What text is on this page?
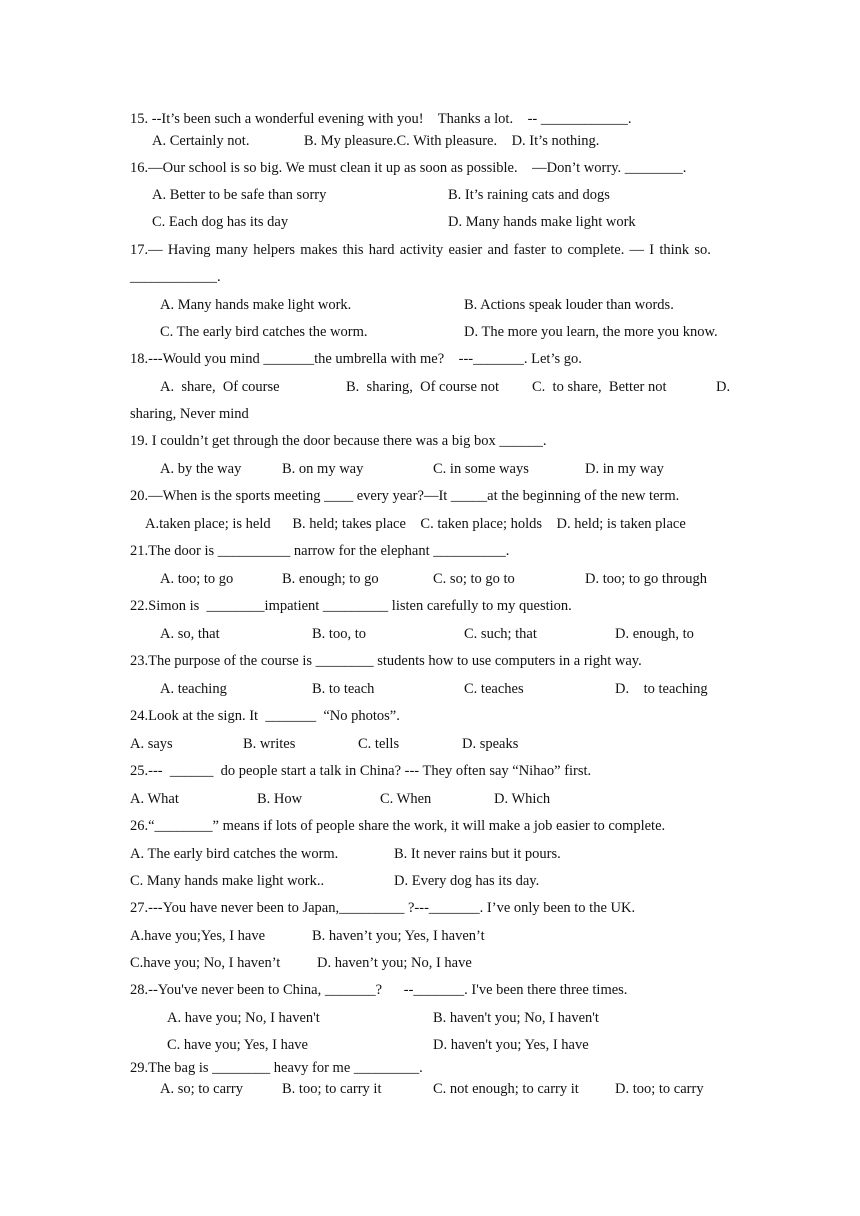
15. --It’s been such a wonderful evening with you!    Thanks a lot.    -- ____________.
A. Certainly not.               B. My pleasure.C. With pleasure.    D. It’s nothing.
16.—Our school is so big. We must clean it up as soon as possible.    —Don’t worry. ________.
A. Better to be safe than sorry	B. It’s raining cats and dogs
C. Each dog has its day	D. Many hands make light work
17.— Having many helpers makes this hard activity easier and faster to complete. — I think so.
____________.
A. Many hands make light work.	B. Actions speak louder than words.
C. The early bird catches the worm.	D. The more you learn, the more you know.
18.---Would you mind _______the umbrella with me?    ---_______. Let’s go.
A.  share,  Of course	B.  sharing,  Of course not C.  to share,  Better not	D.
sharing, Never mind
19. I couldn’t get through the door because there was a big box ______.
A. by the way	B. on my way	C. in some ways	D. in my way
20.—When is the sports meeting ____ every year?—It _____at the beginning of the new term.
A.taken place; is held      B. held; takes place    C. taken place; holds    D. held; is taken place
21.The door is __________ narrow for the elephant __________.
A. too; to go	B. enough; to go	C. so; to go to	D. too; to go through
22.Simon is  ________impatient _________ listen carefully to my question.
A. so, that	B. too, to	C. such; that	D. enough, to
23.The purpose of the course is ________ students how to use computers in a right way.
A. teaching	B. to teach	C. teaches	D.    to teaching
24.Look at the sign. It  _______  “No photos”.
A. says	B. writes	C. tells	D. speaks
25.---  ______  do people start a talk in China? --- They often say “Nihao” first.
A. What	B. How	C. When	D. Which
26.“________” means if lots of people share the work, it will make a job easier to complete.
A. The early bird catches the worm.	B. It never rains but it pours.
C. Many hands make light work..	D. Every dog has its day.
27.---You have never been to Japan,_________ ?---_______. I’ve only been to the UK.
A.have you;Yes, I have	B. haven’t you; Yes, I haven’t
C.have you; No, I haven’t	D. haven’t you; No, I have
28.--You've never been to China, _______?      --_______. I've been there three times.
A. have you; No, I haven't	B. haven't you; No, I haven't
C. have you; Yes, I have	D. haven't you; Yes, I have
29.The bag is ________ heavy for me _________.
A. so; to carry	B. too; to carry it	C. not enough; to carry it D. too; to carry
